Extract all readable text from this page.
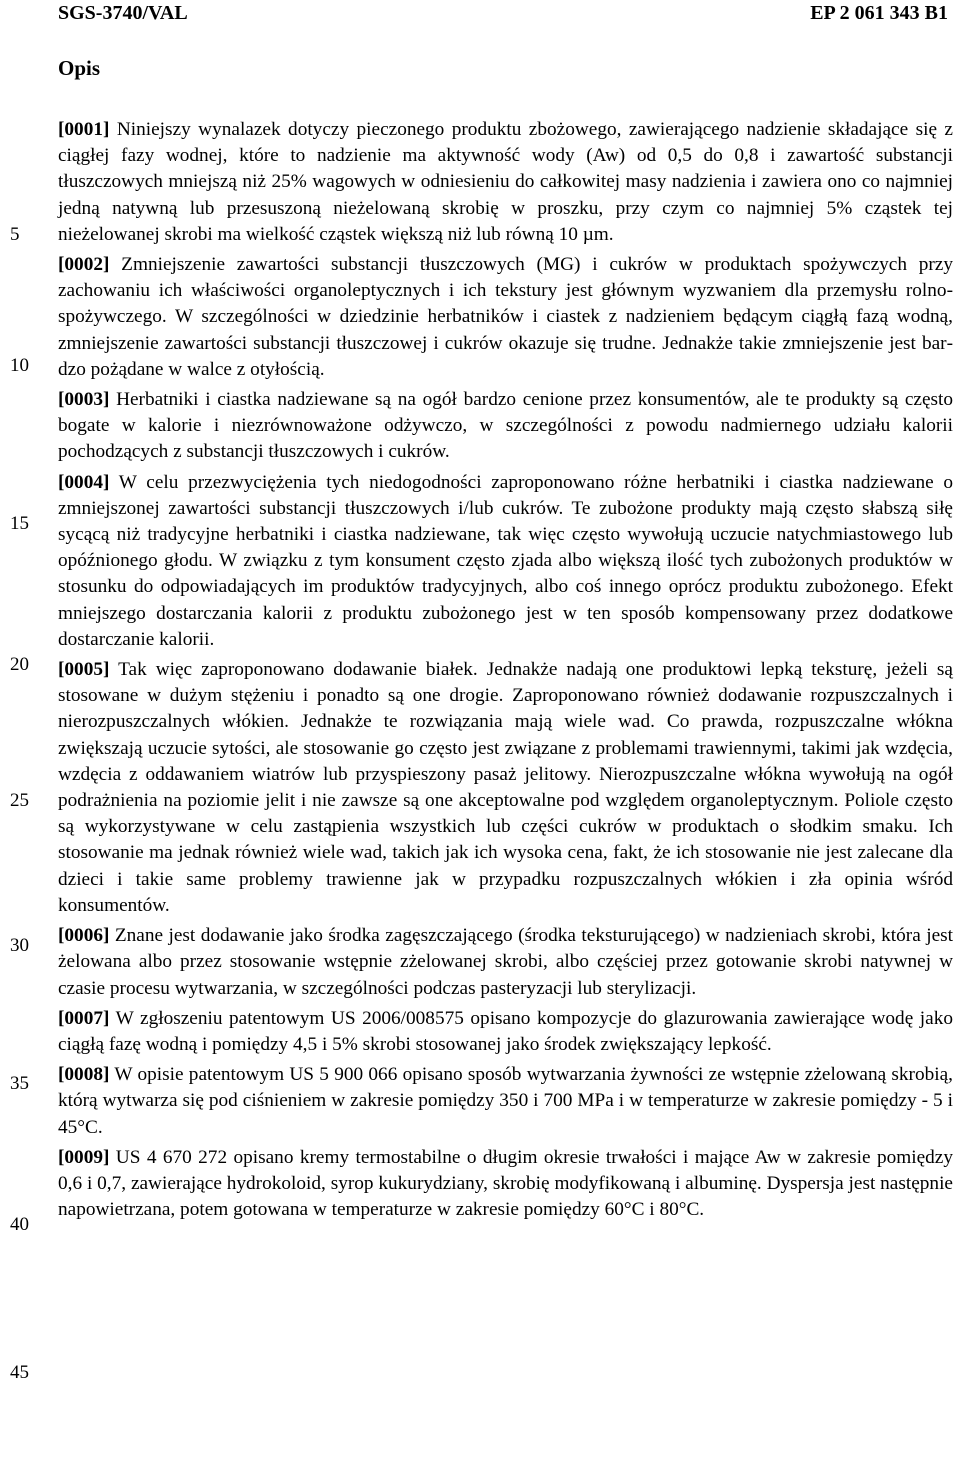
SGS-3740/VAL	EP 2 061 343 B1
5
10
15
20
25
30
35
40
45
Opis

[0001] Niniejszy wynalazek dotyczy pieczonego produktu zbożowego, zawierającego nadzienie składające się z ciągłej fazy wodnej, które to nadzienie ma aktywność wody (Aw) od 0,5 do 0,8 i zawartość substancji tłuszczowych mniejszą niż 25% wagowych w odniesieniu do całkowitej masy nadzienia i zawiera ono co najmniej jedną natywną lub przesuszoną nieżelowaną skrobię w proszku, przy czym co najmniej 5% cząstek tej nieżelowanej skrobi ma wielkość cząstek większą niż lub równą 10 µm.

[0002] Zmniejszenie zawartości substancji tłuszczowych (MG) i cukrów w produktach spożywczych przy zachowaniu ich właściwości organoleptycznych i ich tekstury jest głównym wyzwaniem dla przemysłu rolno-spożywczego. W szczególności w dziedzinie herbatników i ciastek z nadzieniem będącym ciągłą fazą wodną, zmniejszenie zawartości substancji tłuszczowej i cukrów okazuje się trudne. Jednakże takie zmniejszenie jest bardzo pożądane w walce z otyłością.

[0003] Herbatniki i ciastka nadziewane są na ogół bardzo cenione przez konsumentów, ale te produkty są często bogate w kalorie i niezrównoważone odżywczo, w szczególności z powodu nadmiernego udziału kalorii pochodzących z substancji tłuszczowych i cukrów.

[0004] W celu przezwyciężenia tych niedogodności zaproponowano różne herbatniki i ciastka nadziewane o zmniejszonej zawartości substancji tłuszczowych i/lub cukrów. Te zubożone produkty mają często słabszą siłę sycącą niż tradycyjne herbatniki i ciastka nadziewane, tak więc często wywołują uczucie natychmiastowego lub opóźnionego głodu. W związku z tym konsument często zjada albo większą ilość tych zubożonych produktów w stosunku do odpowiadających im produktów tradycyjnych, albo coś innego oprócz produktu zubożonego. Efekt mniejszego dostarczania kalorii z produktu zubożonego jest w ten sposób kompensowany przez dodatkowe dostarczanie kalorii.

[0005] Tak więc zaproponowano dodawanie białek. Jednakże nadają one produktowi lepką teksturę, jeżeli są stosowane w dużym stężeniu i ponadto są one drogie. Zaproponowano również dodawanie rozpuszczalnych i nierozpuszczalnych włókien. Jednakże te rozwiązania mają wiele wad. Co prawda, rozpuszczalne włókna zwiększają uczucie sytości, ale stosowanie go często jest związane z problemami trawiennymi, takimi jak wzdęcia, wzdęcia z oddawaniem wiatrów lub przyspieszony pasaż jelitowy. Nierozpuszczalne włókna wywołują na ogół podrażnienia na poziomie jelit i nie zawsze są one akceptowalne pod względem organoleptycznym. Poliole często są wykorzystywane w celu zastąpienia wszystkich lub części cukrów w produktach o słodkim smaku. Ich stosowanie ma jednak również wiele wad, takich jak ich wysoka cena, fakt, że ich stosowanie nie jest zalecane dla dzieci i takie same problemy trawienne jak w przypadku rozpuszczalnych włókien i zła opinia wśród konsumentów.

[0006] Znane jest dodawanie jako środka zagęszczającego (środka teksturującego) w nadzieniach skrobi, która jest żelowana albo przez stosowanie wstępnie zżelowanej skrobi, albo częściej przez gotowanie skrobi natywnej w czasie procesu wytwarzania, w szczególności podczas pasteryzacji lub sterylizacji.

[0007] W zgłoszeniu patentowym US 2006/008575 opisano kompozycje do glazurowania zawierające wodę jako ciągłą fazę wodną i pomiędzy 4,5 i 5% skrobi stosowanej jako środek zwiększający lepkość.

[0008] W opisie patentowym US 5 900 066 opisano sposób wytwarzania żywności ze wstępnie zżelowaną skrobią, którą wytwarza się pod ciśnieniem w zakresie pomiędzy 350 i 700 MPa i w temperaturze w zakresie pomiędzy - 5 i 45°C.

[0009] US 4 670 272 opisano kremy termostabilne o długim okresie trwałości i mające Aw w zakresie pomiędzy 0,6 i 0,7, zawierające hydrokoloid, syrop kukurydziany, skrobię modyfikowaną i albuminę. Dyspersja jest następnie napowietrzana, potem gotowana w temperaturze w zakresie pomiędzy 60°C i 80°C.
